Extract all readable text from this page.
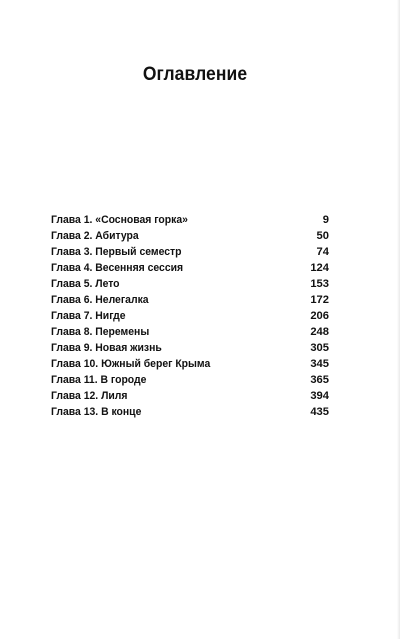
Оглавление
Глава 1. «Сосновая горка»	9
Глава 2. Абитура	50
Глава 3. Первый семестр	74
Глава 4. Весенняя сессия	124
Глава 5. Лето	153
Глава 6. Нелегалка	172
Глава 7. Нигде	206
Глава 8. Перемены	248
Глава 9. Новая жизнь	305
Глава 10. Южный берег Крыма	345
Глава 11. В городе	365
Глава 12. Лиля	394
Глава 13. В конце	435
